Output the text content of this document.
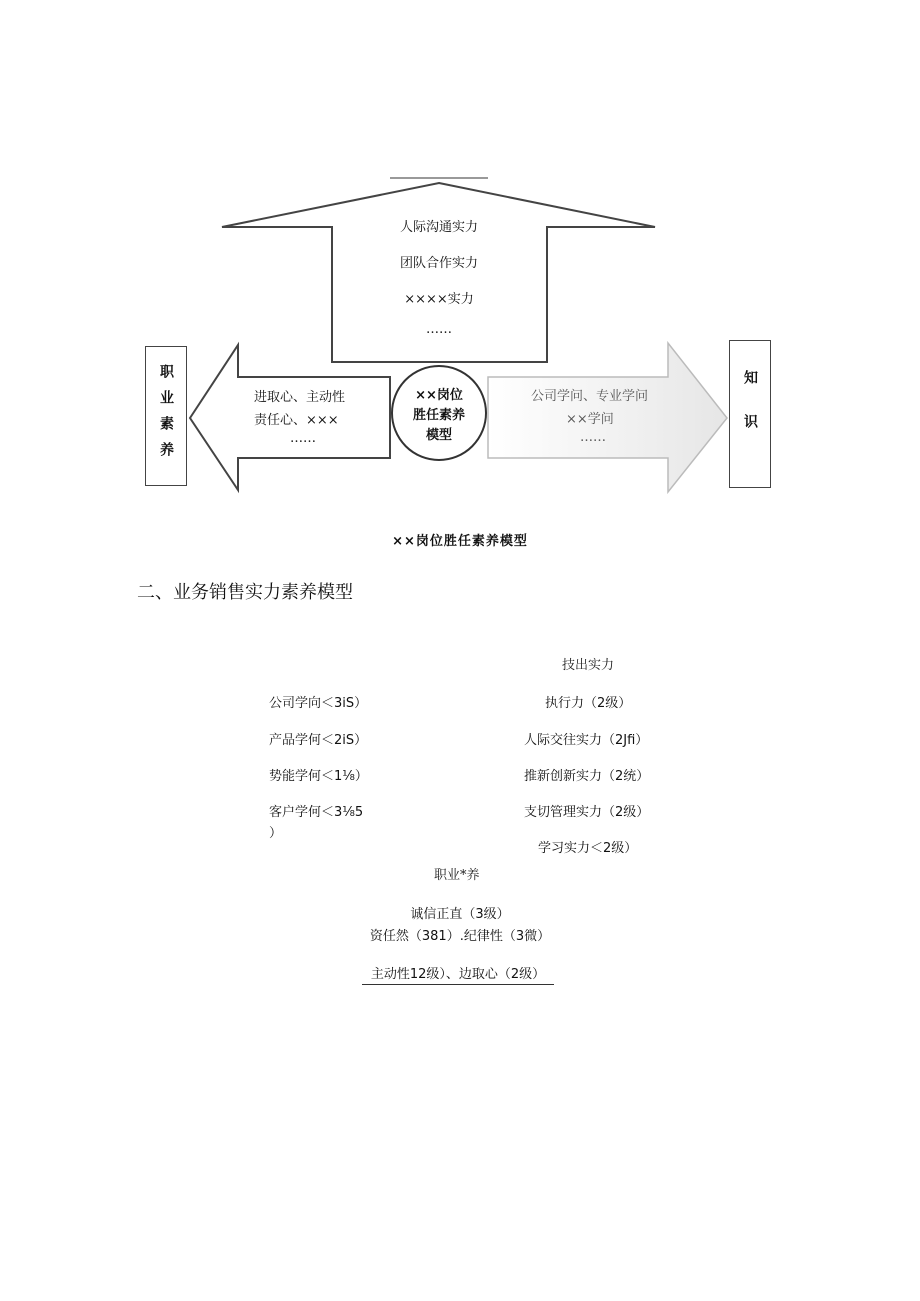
人际沟通实力
团队合作实力
××××实力
……
进取心、主动性
责任心、×××
……
公司学问、专业学问
××学问
……
××岗位
胜任素养
模型
职业素养	知识
××岗位胜任素养模型
二、业务销售实力素养模型
技出实力
公司学向＜3iS）
产品学何＜2iS）
势能学何＜1⅛）
客户学何＜3⅛5
）
执行力（2级）
人际交往实力（2Jfi）
推新创新实力（2统）
支切管理实力（2级）
学习实力＜2级）
职业*养
诚信正直（3级）
资任然（381）.纪律性（3微）
主动性12级）、边取心（2级）
